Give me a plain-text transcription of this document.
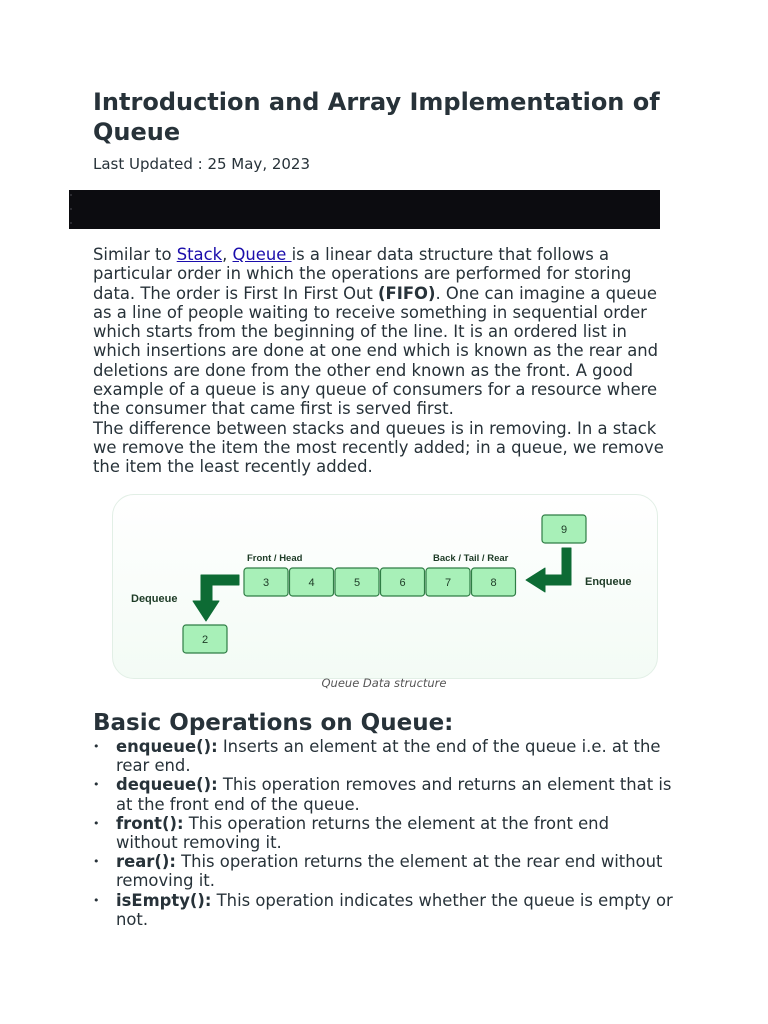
Introduction and Array Implementation of Queue
Last Updated : 25 May, 2023

Similar to Stack, Queue is a linear data structure that follows a particular order in which the operations are performed for storing data. The order is First In First Out (FIFO). One can imagine a queue as a line of people waiting to receive something in sequential order which starts from the beginning of the line. It is an ordered list in which insertions are done at one end which is known as the rear and deletions are done from the other end known as the front. A good example of a queue is any queue of consumers for a resource where the consumer that came first is served first.
The difference between stacks and queues is in removing. In a stack we remove the item the most recently added; in a queue, we remove the item the least recently added.

3	4	5	6	7	8
9
2
Front / Head	Back / Tail / Rear
Enqueue
Dequeue
Queue Data structure
Basic Operations on Queue:
• enqueue(): Inserts an element at the end of the queue i.e. at the rear end.
• dequeue(): This operation removes and returns an element that is at the front end of the queue.
• front(): This operation returns the element at the front end without removing it.
• rear(): This operation returns the element at the rear end without removing it.
• isEmpty(): This operation indicates whether the queue is empty or not.
